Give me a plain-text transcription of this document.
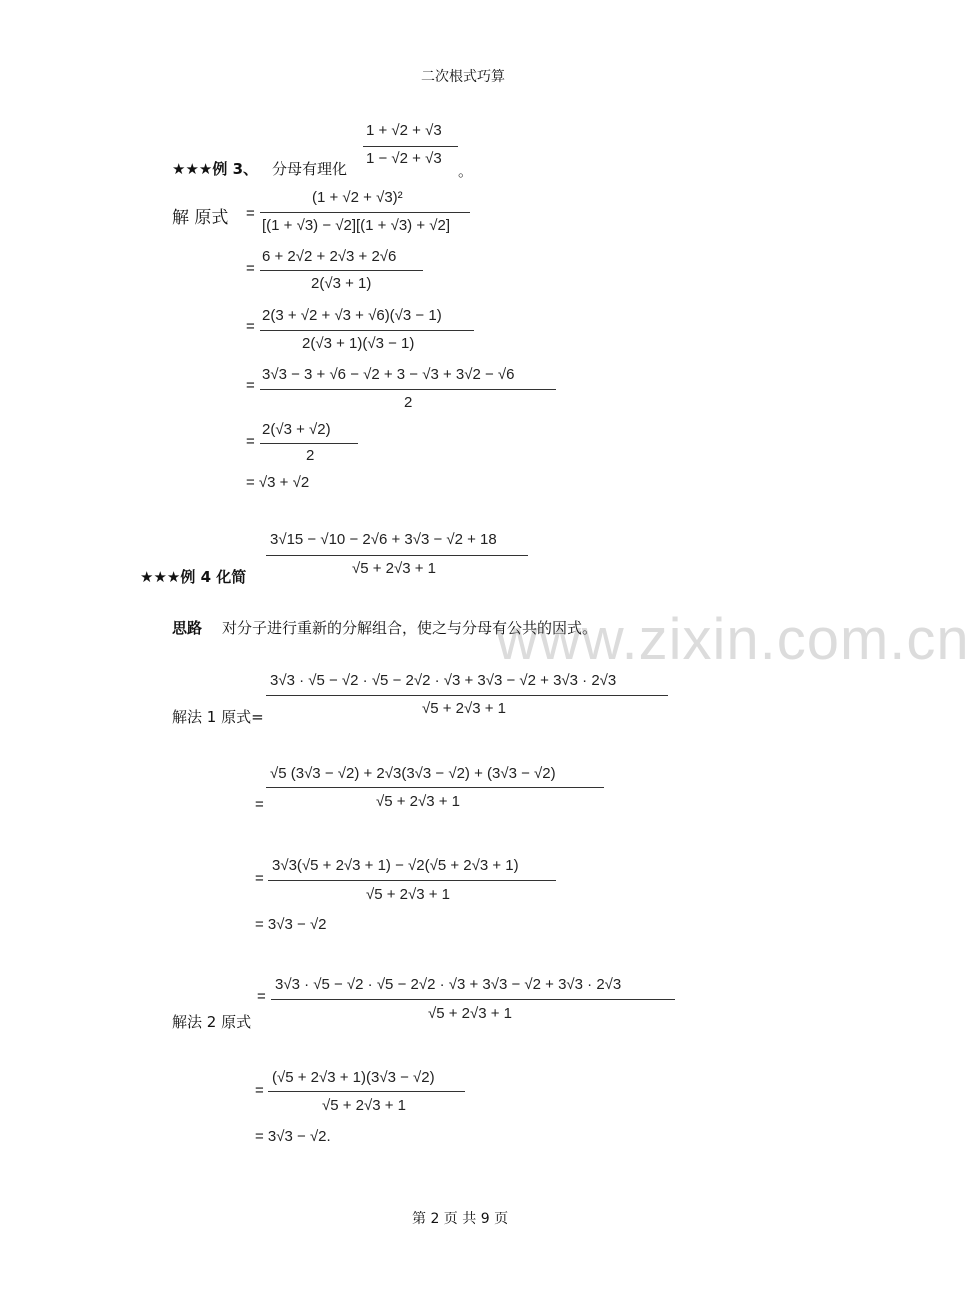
www.zixin.com.cn
二次根式巧算
★★★例 3、 分母有理化
1 + √2 + √3
1 − √2 + √3
。
解 原式 =
(1 + √2 + √3)²
[(1 + √3) − √2][(1 + √3) + √2]
=
6 + 2√2 + 2√3 + 2√6
2(√3 + 1)
=
2(3 + √2 + √3 + √6)(√3 − 1)
2(√3 + 1)(√3 − 1)
=
3√3 − 3 + √6 − √2 + 3 − √3 + 3√2 − √6
2
=
2(√3 + √2)
2
= √3 + √2
3√15 − √10 − 2√6 + 3√3 − √2 + 18
√5 + 2√3 + 1
★★★例 4 化简
思路 对分子进行重新的分解组合，使之与分母有公共的因式。
3√3 · √5 − √2 · √5 − 2√2 · √3 + 3√3 − √2 + 3√3 · 2√3
√5 + 2√3 + 1
解法 1 原式=
√5 (3√3 − √2) + 2√3(3√3 − √2) + (3√3 − √2)
√5 + 2√3 + 1
=
3√3(√5 + 2√3 + 1) − √2(√5 + 2√3 + 1)
√5 + 2√3 + 1
=
= 3√3 − √2
=
3√3 · √5 − √2 · √5 − 2√2 · √3 + 3√3 − √2 + 3√3 · 2√3
√5 + 2√3 + 1
解法 2 原式
=
(√5 + 2√3 + 1)(3√3 − √2)
√5 + 2√3 + 1
= 3√3 − √2.
第 2 页 共 9 页
